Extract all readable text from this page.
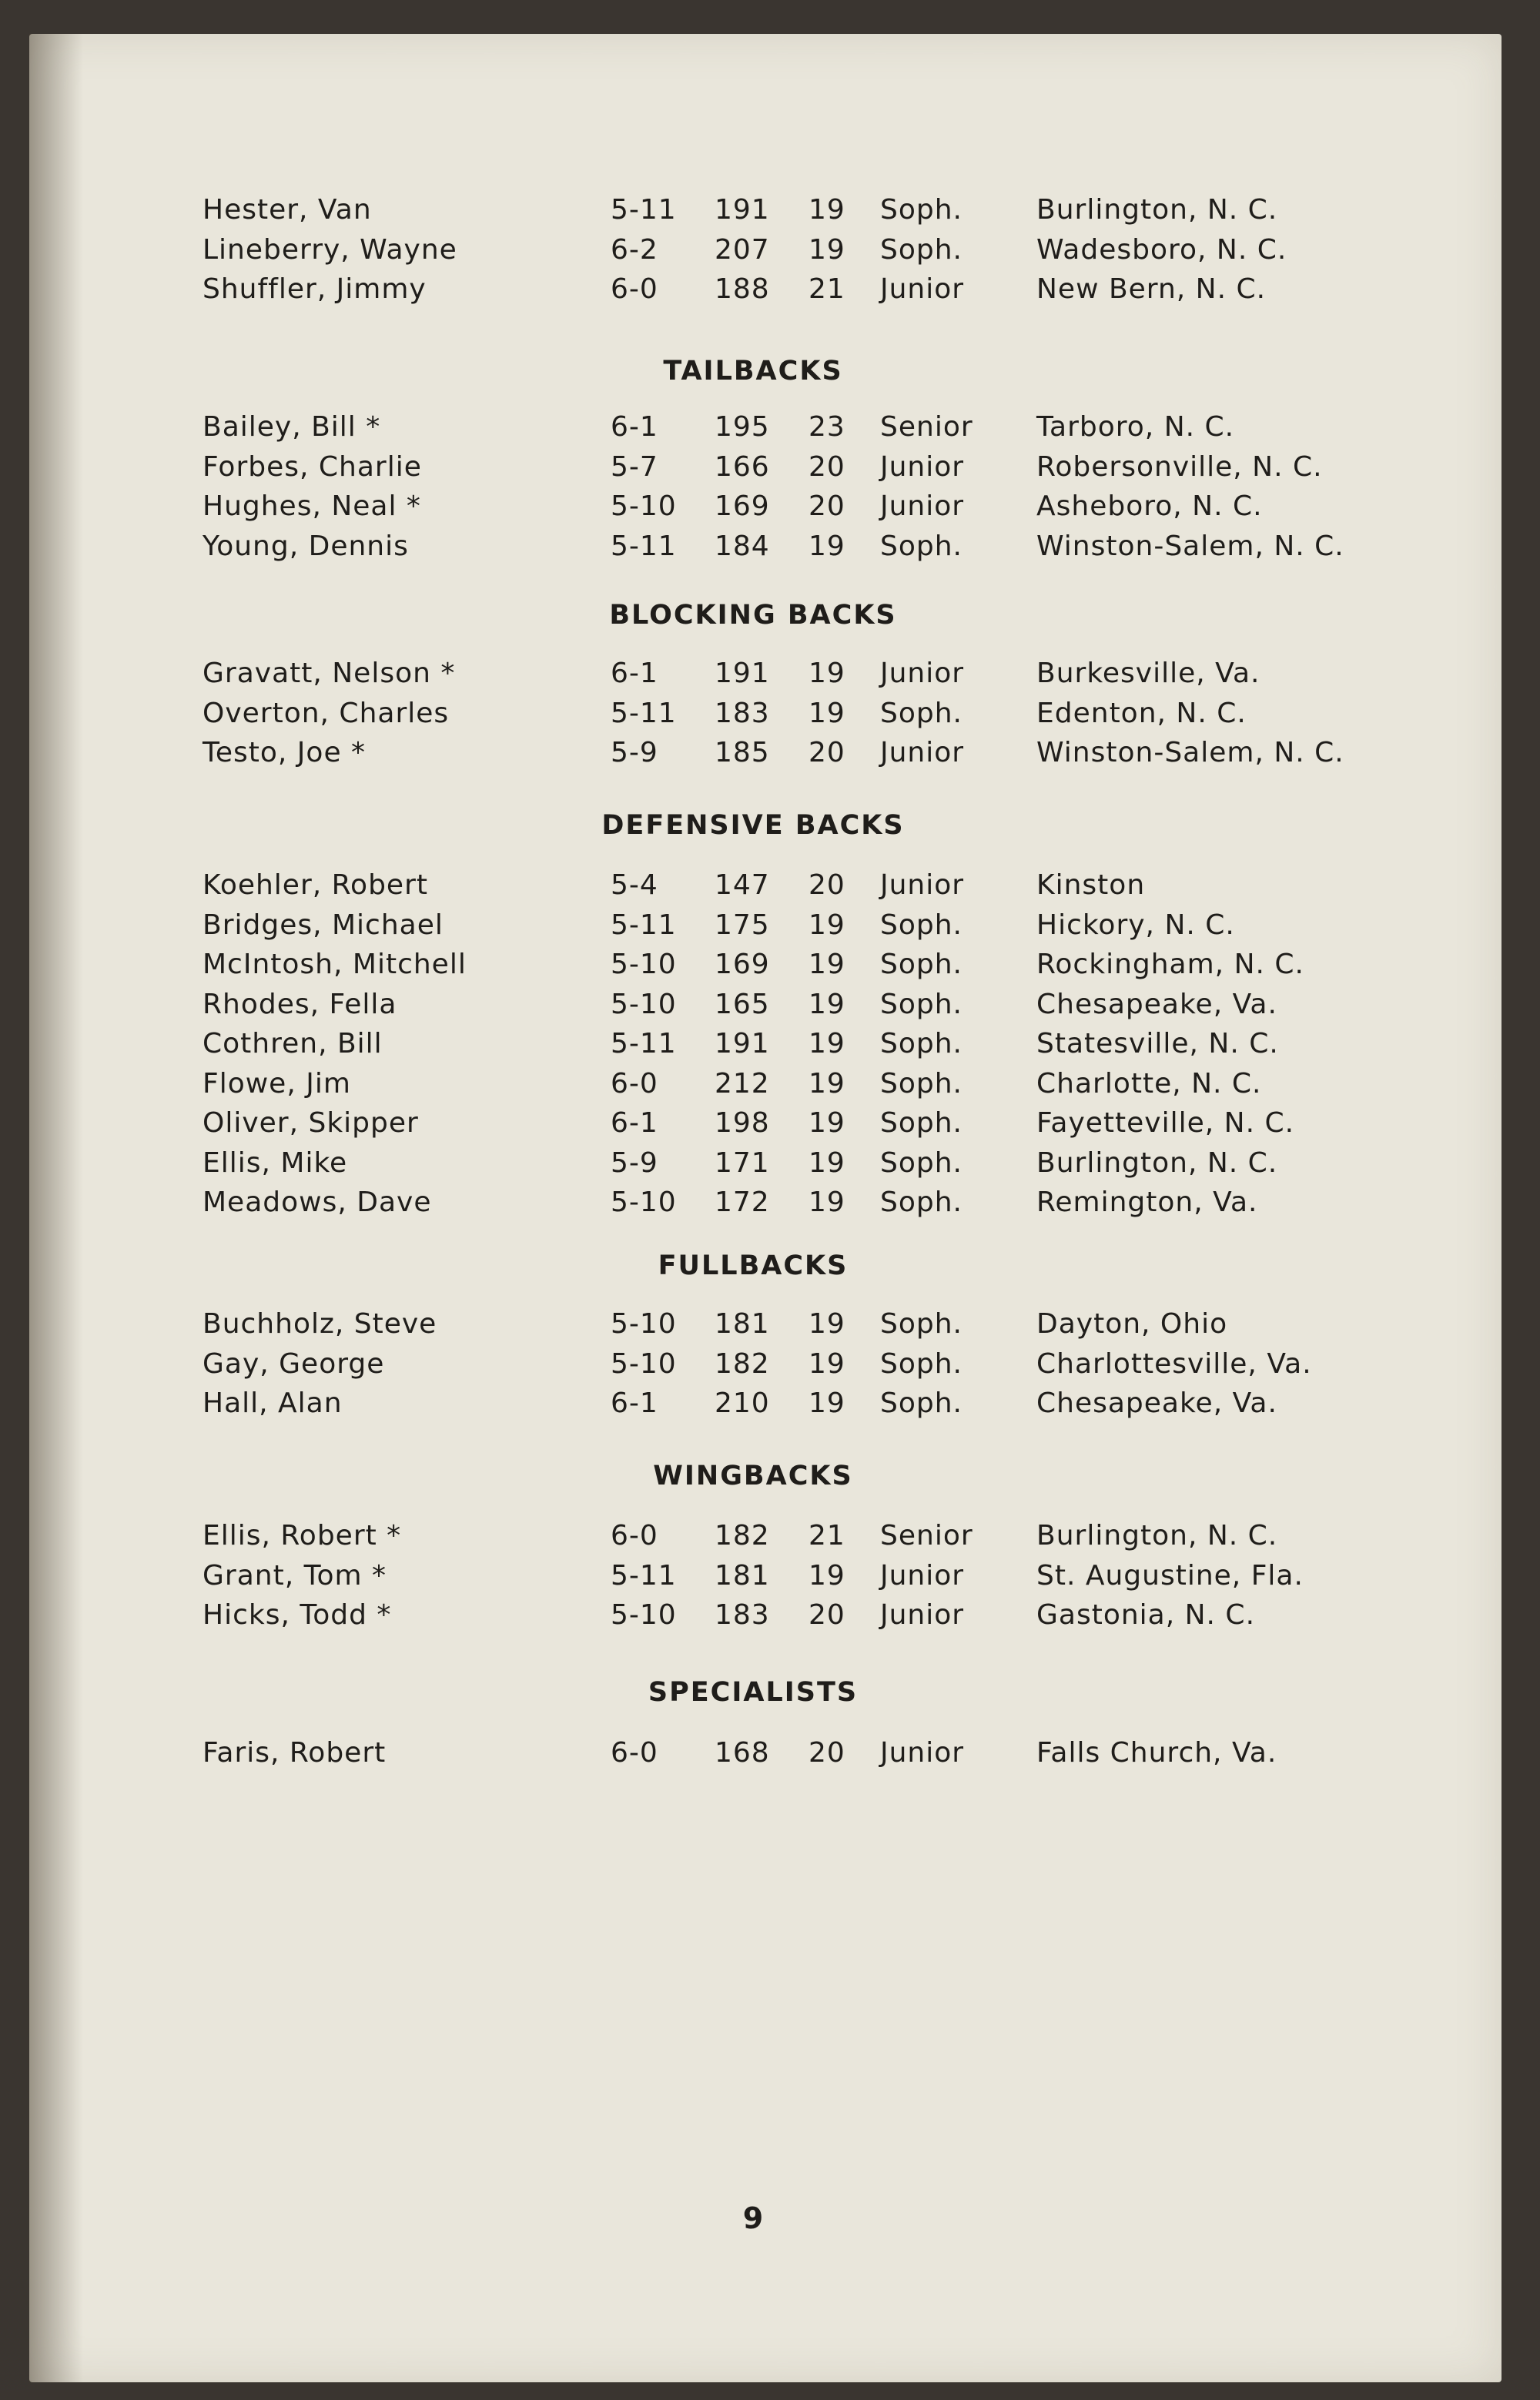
Hester, Van	5-11 191 19 Soph.	Burlington, N. C.
Lineberry, Wayne	6-2 207 19 Soph.	Wadesboro, N. C.
Shuffler, Jimmy	6-0 188 21 Junior	New Bern, N. C.
TAILBACKS
Bailey, Bill *	6-1 195 23 Senior Tarboro, N. C.
Forbes, Charlie	5-7 166 20 Junior	Robersonville, N. C.
Hughes, Neal *	5-10 169 20 Junior	Asheboro, N. C.
Young, Dennis	5-11 184 19 Soph.	Winston-Salem, N. C.
BLOCKING BACKS
Gravatt, Nelson *	6-1 191 19 Junior	Burkesville, Va.
Overton, Charles	5-11 183 19 Soph.	Edenton, N. C.
Testo, Joe *	5-9 185 20 Junior	Winston-Salem, N. C.
DEFENSIVE BACKS
Koehler, Robert	5-4 147 20 Junior	Kinston
Bridges, Michael	5-11 175 19 Soph.	Hickory, N. C.
McIntosh, Mitchell	5-10 169 19 Soph.	Rockingham, N. C.
Rhodes, Fella	5-10 165 19 Soph.	Chesapeake, Va.
Cothren, Bill	5-11 191 19 Soph.	Statesville, N. C.
Flowe, Jim	6-0 212 19 Soph.	Charlotte, N. C.
Oliver, Skipper	6-1 198 19 Soph.	Fayetteville, N. C.
Ellis, Mike	5-9 171 19 Soph.	Burlington, N. C.
Meadows, Dave	5-10 172 19 Soph.	Remington, Va.
FULLBACKS
Buchholz, Steve	5-10 181 19 Soph.	Dayton, Ohio
Gay, George	5-10 182 19 Soph.	Charlottesville, Va.
Hall, Alan	6-1 210 19 Soph.	Chesapeake, Va.
WINGBACKS
Ellis, Robert *	6-0 182 21 Senior Burlington, N. C.
Grant, Tom *	5-11 181 19 Junior	St. Augustine, Fla.
Hicks, Todd *	5-10 183 20 Junior	Gastonia, N. C.
SPECIALISTS
Faris, Robert	6-0 168 20 Junior	Falls Church, Va.
9
